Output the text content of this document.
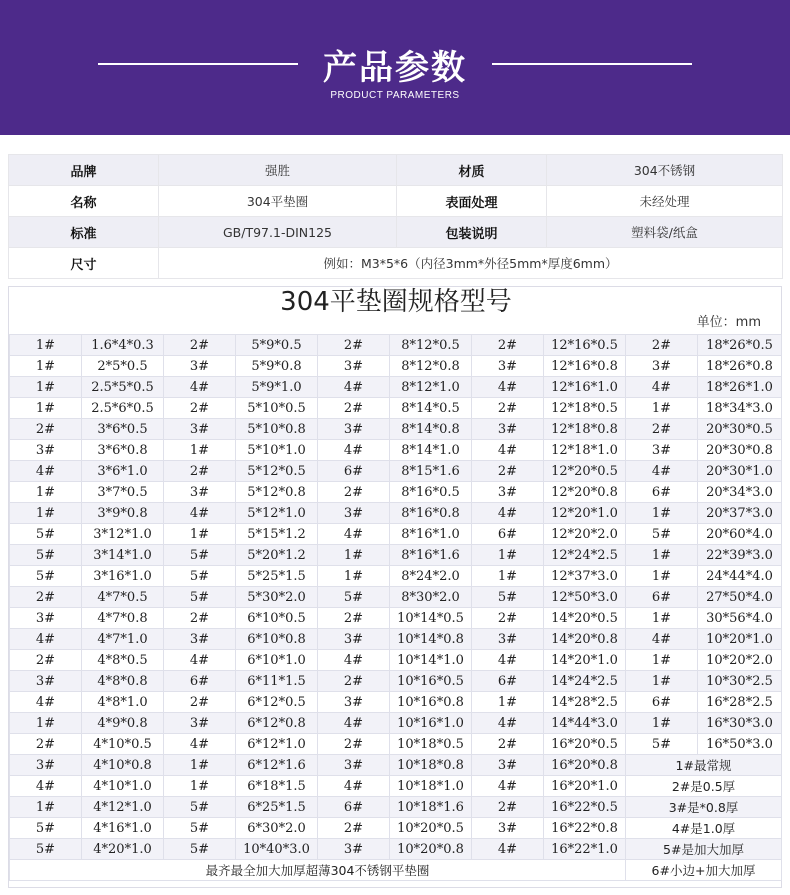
产品参数
PRODUCT PARAMETERS
品牌	强胜	材质	304不锈钢
名称	304平垫圈	表面处理	未经处理
标准	GB/T97.1-DIN125	包装说明	塑料袋/纸盒
尺寸	例如：M3*5*6（内径3mm*外径5mm*厚度6mm）		
304平垫圈规格型号
单位：mm
1#	1.6*4*0.3	2#	5*9*0.5	2#	8*12*0.5	2#	12*16*0.5	2#	18*26*0.5
1#	2*5*0.5	3#	5*9*0.8	3#	8*12*0.8	3#	12*16*0.8	3#	18*26*0.8
1#	2.5*5*0.5	4#	5*9*1.0	4#	8*12*1.0	4#	12*16*1.0	4#	18*26*1.0
1#	2.5*6*0.5	2#	5*10*0.5	2#	8*14*0.5	2#	12*18*0.5	1#	18*34*3.0
2#	3*6*0.5	3#	5*10*0.8	3#	8*14*0.8	3#	12*18*0.8	2#	20*30*0.5
3#	3*6*0.8	1#	5*10*1.0	4#	8*14*1.0	4#	12*18*1.0	3#	20*30*0.8
4#	3*6*1.0	2#	5*12*0.5	6#	8*15*1.6	2#	12*20*0.5	4#	20*30*1.0
1#	3*7*0.5	3#	5*12*0.8	2#	8*16*0.5	3#	12*20*0.8	6#	20*34*3.0
1#	3*9*0.8	4#	5*12*1.0	3#	8*16*0.8	4#	12*20*1.0	1#	20*37*3.0
5#	3*12*1.0	1#	5*15*1.2	4#	8*16*1.0	6#	12*20*2.0	5#	20*60*4.0
5#	3*14*1.0	5#	5*20*1.2	1#	8*16*1.6	1#	12*24*2.5	1#	22*39*3.0
5#	3*16*1.0	5#	5*25*1.5	1#	8*24*2.0	1#	12*37*3.0	1#	24*44*4.0
2#	4*7*0.5	5#	5*30*2.0	5#	8*30*2.0	5#	12*50*3.0	6#	27*50*4.0
3#	4*7*0.8	2#	6*10*0.5	2#	10*14*0.5	2#	14*20*0.5	1#	30*56*4.0
4#	4*7*1.0	3#	6*10*0.8	3#	10*14*0.8	3#	14*20*0.8	4#	10*20*1.0
2#	4*8*0.5	4#	6*10*1.0	4#	10*14*1.0	4#	14*20*1.0	1#	10*20*2.0
3#	4*8*0.8	6#	6*11*1.5	2#	10*16*0.5	6#	14*24*2.5	1#	10*30*2.5
4#	4*8*1.0	2#	6*12*0.5	3#	10*16*0.8	1#	14*28*2.5	6#	16*28*2.5
1#	4*9*0.8	3#	6*12*0.8	4#	10*16*1.0	4#	14*44*3.0	1#	16*30*3.0
2#	4*10*0.5	4#	6*12*1.0	2#	10*18*0.5	2#	16*20*0.5	5#	16*50*3.0
3#	4*10*0.8	1#	6*12*1.6	3#	10*18*0.8	3#	16*20*0.8	1#最常规	
4#	4*10*1.0	1#	6*18*1.5	4#	10*18*1.0	4#	16*20*1.0	2#是0.5厚	
1#	4*12*1.0	5#	6*25*1.5	6#	10*18*1.6	2#	16*22*0.5	3#是*0.8厚	
5#	4*16*1.0	5#	6*30*2.0	2#	10*20*0.5	3#	16*22*0.8	4#是1.0厚	
5#	4*20*1.0	5#	10*40*3.0	3#	10*20*0.8	4#	16*22*1.0	5#是加大加厚	
最齐最全加大加厚超薄304不锈钢平垫圈								6#小边+加大加厚	
